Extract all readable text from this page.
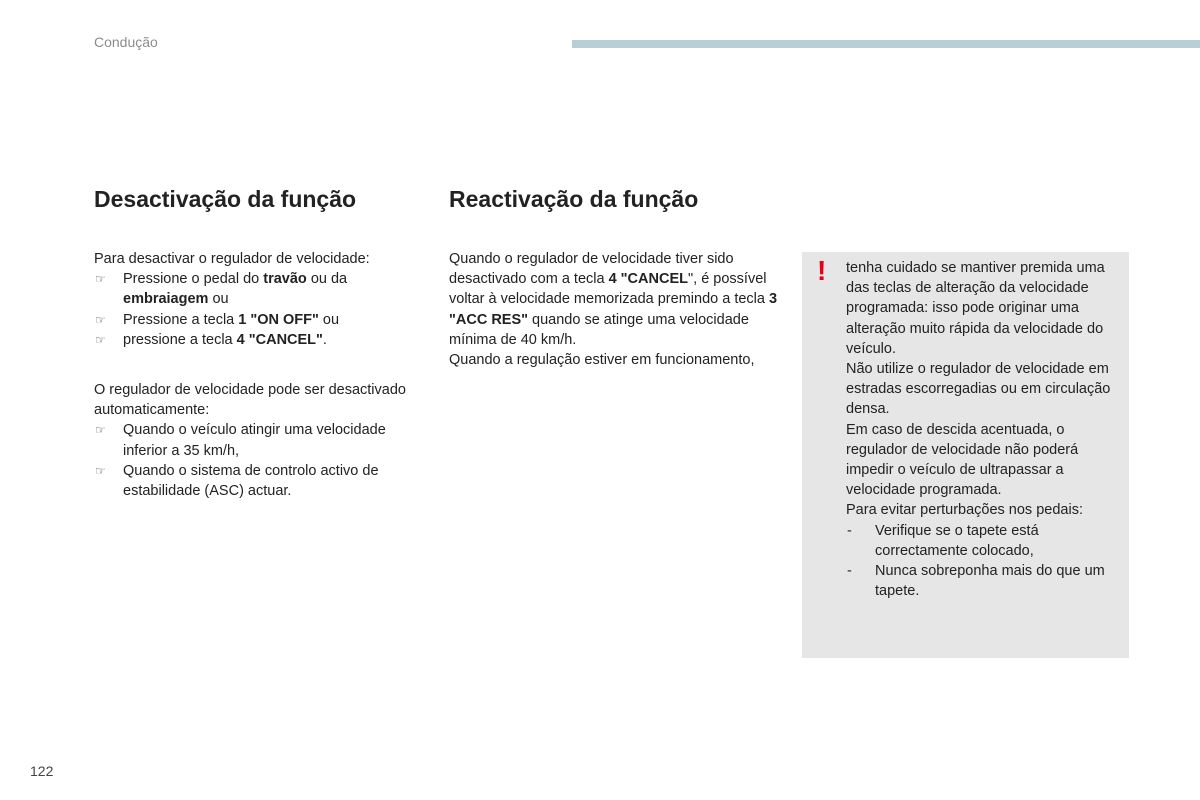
Condução
Desactivação da função

Para desactivar o regulador de velocidade:

☞ Pressione o pedal do travão ou da embraiagem ou
☞ Pressione a tecla 1 "ON OFF" ou
☞ pressione a tecla 4 "CANCEL".

O regulador de velocidade pode ser desactivado automaticamente:

☞ Quando o veículo atingir uma velocidade inferior a 35 km/h,
☞ Quando o sistema de controlo activo de estabilidade (ASC) actuar.
Reactivação da função

Quando o regulador de velocidade tiver sido desactivado com a tecla 4 "CANCEL", é possível voltar à velocidade memorizada premindo a tecla 3 "ACC RES" quando se atinge uma velocidade mínima de 40 km/h.

Quando a regulação estiver em funcionamento,

! tenha cuidado se mantiver premida uma das teclas de alteração da velocidade programada: isso pode originar uma alteração muito rápida da velocidade do veículo.

Não utilize o regulador de velocidade em estradas escorregadias ou em circulação densa.

Em caso de descida acentuada, o regulador de velocidade não poderá impedir o veículo de ultrapassar a velocidade programada.

Para evitar perturbações nos pedais:

- Verifique se o tapete está correctamente colocado,
- Nunca sobreponha mais do que um tapete.
122
